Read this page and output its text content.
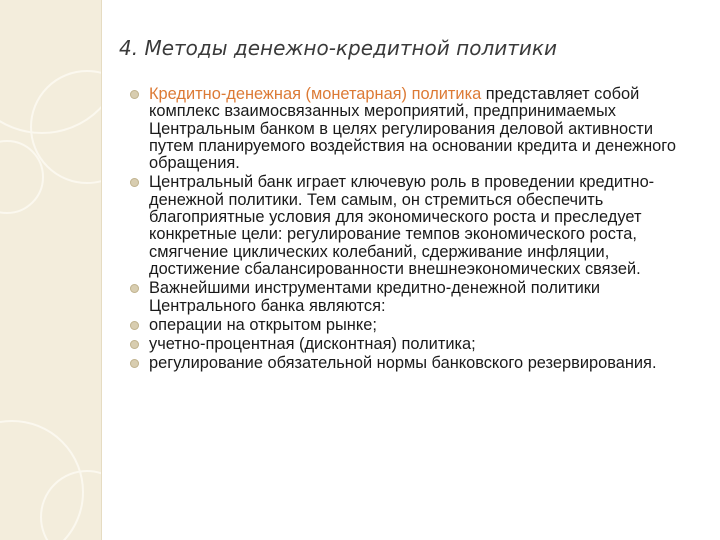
4. Методы денежно-кредитной политики
Кредитно-денежная (монетарная) политика представляет собой комплекс взаимосвязанных мероприятий, предпринимаемых Центральным банком в целях регулирования деловой активности путем планируемого воздействия на основании кредита и денежного обращения.
Центральный банк играет ключевую роль в проведении кредитно-денежной политики. Тем самым, он стремиться обеспечить благоприятные условия для экономического роста и преследует конкретные цели: регулирование темпов экономического роста, смягчение циклических колебаний, сдерживание инфляции, достижение сбалансированности внешнеэкономических связей.
Важнейшими инструментами кредитно-денежной политики Центрального банка являются:
операции на открытом рынке;
учетно-процентная (дисконтная) политика;
регулирование обязательной нормы банковского резервирования.
